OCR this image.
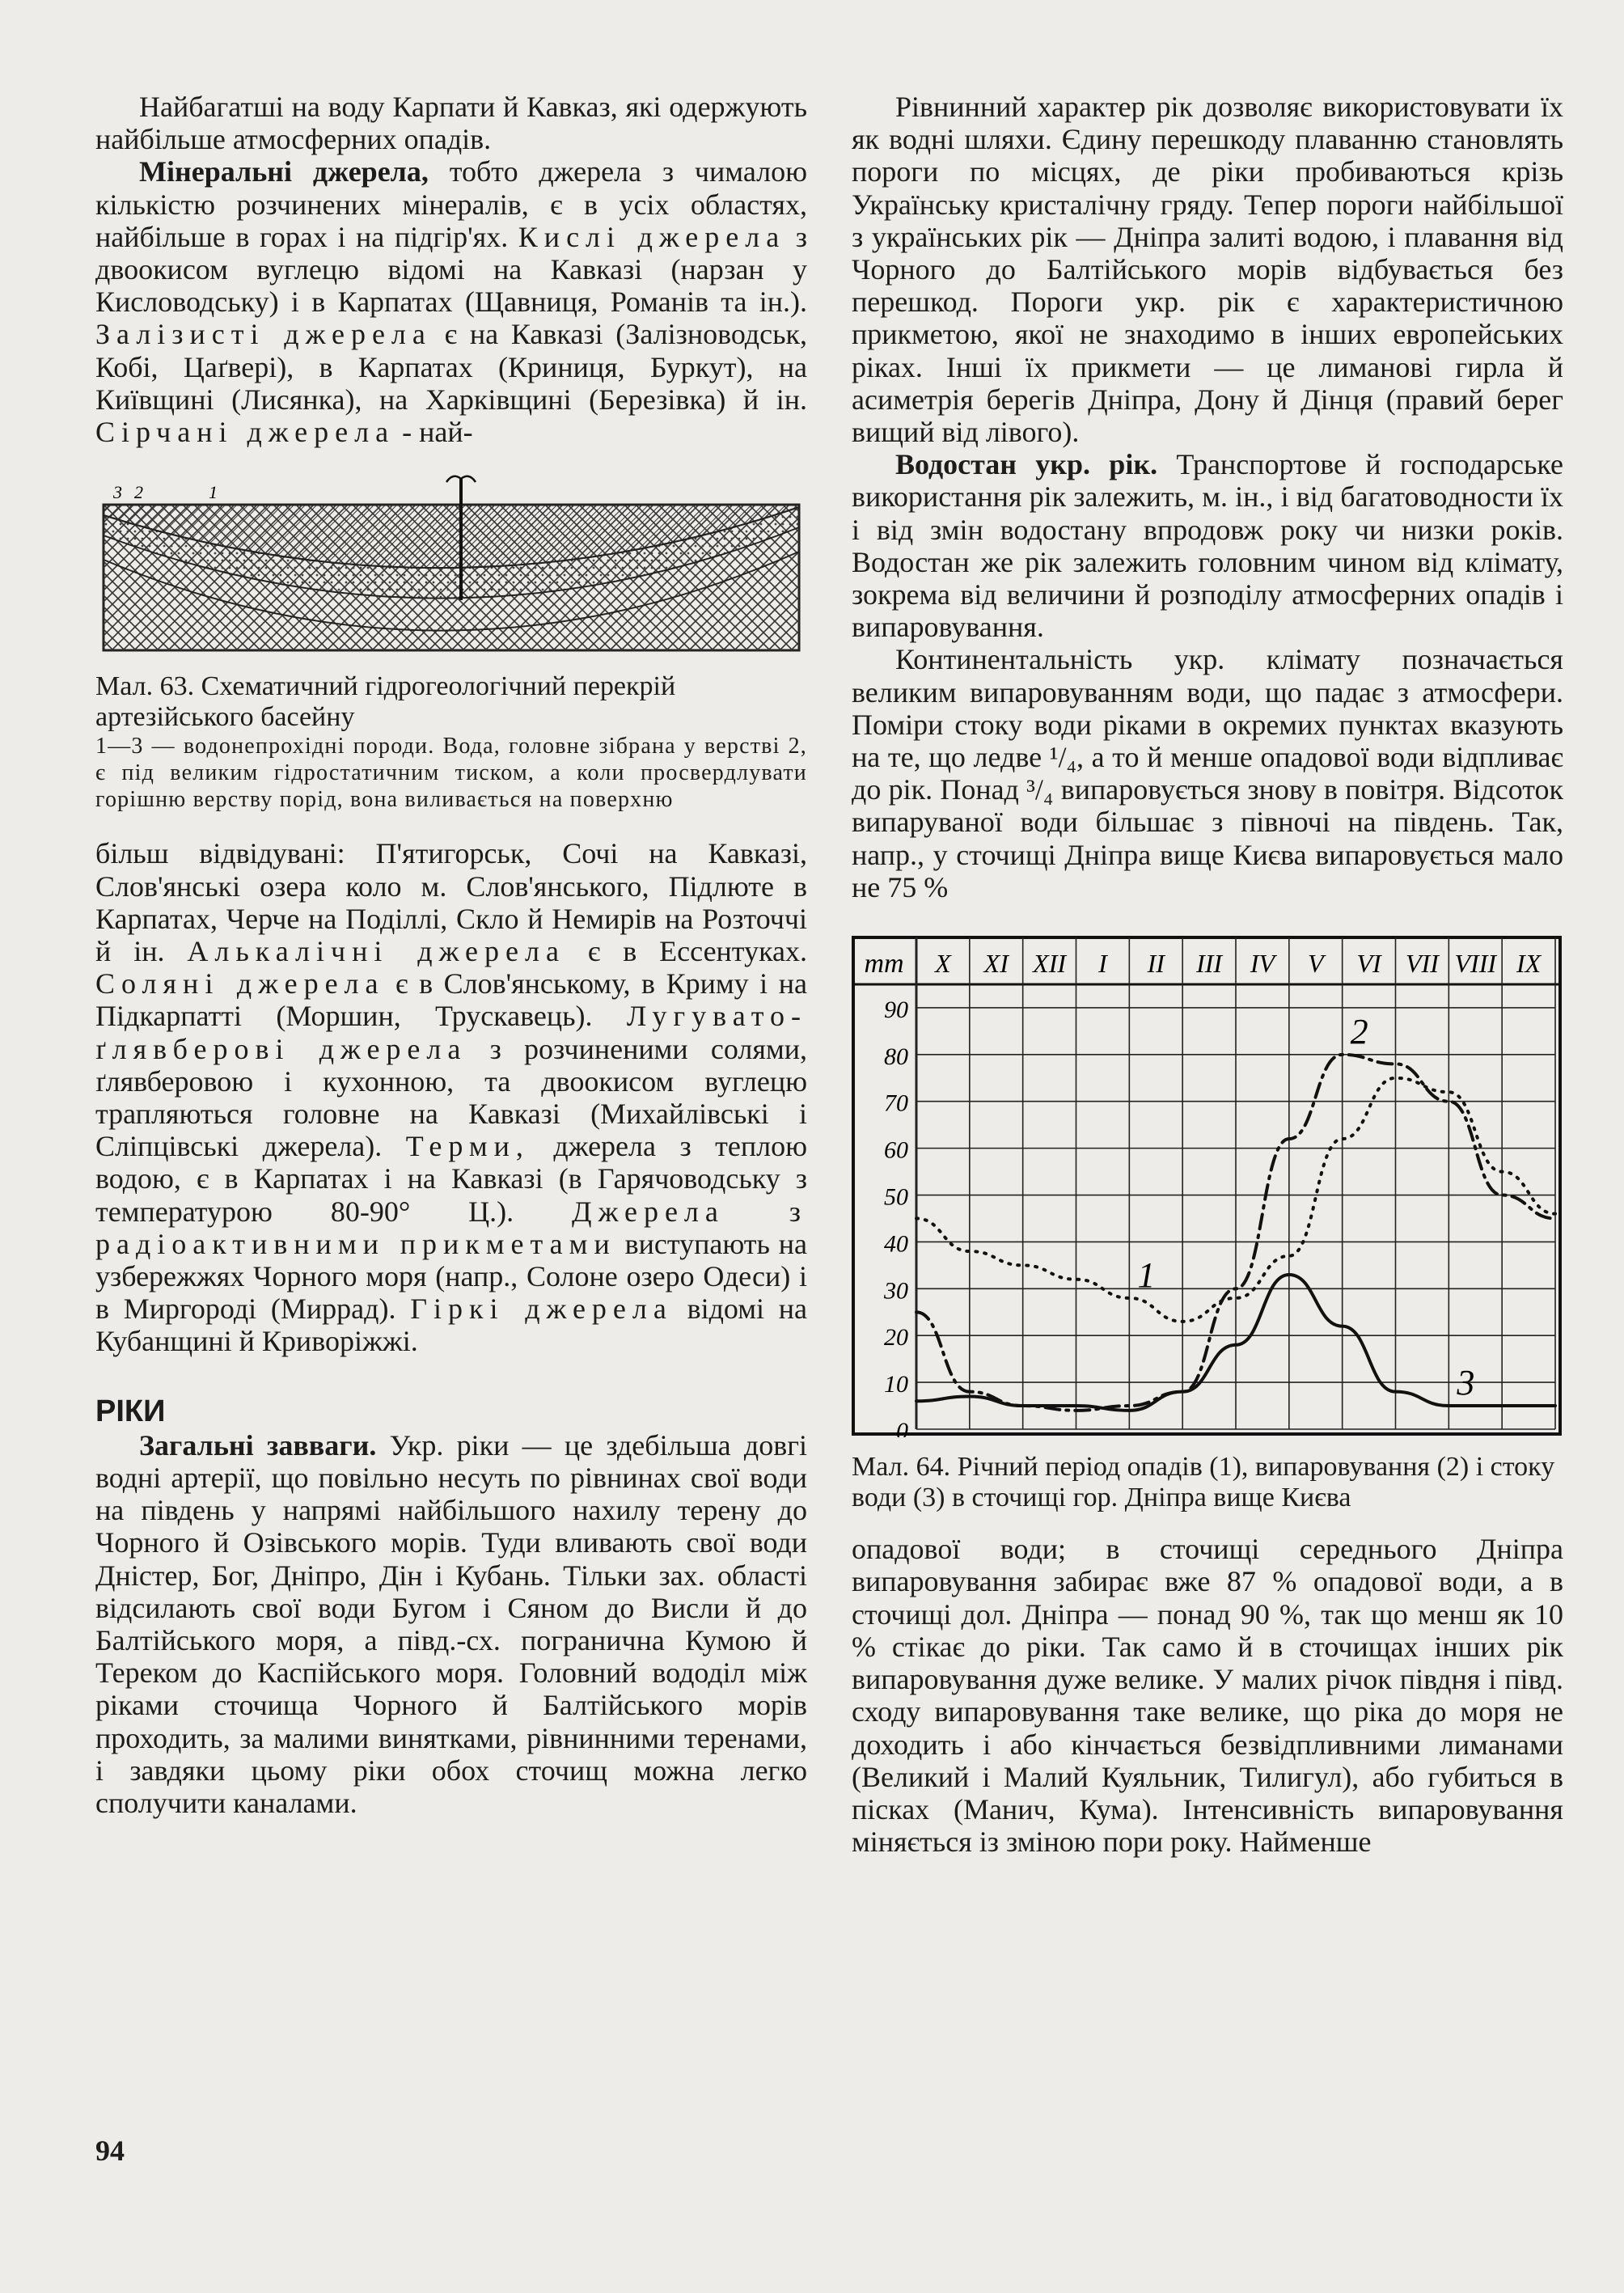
Найбагатші на воду Карпати й Кавказ, які одержують найбільше атмосферних опадів.

Мінеральні джерела, тобто джерела з чималою кількістю розчинених мінералів, є в усіх областях, найбільше в горах і на підгір'ях. Кислі джерела з двоокисом вуглецю відомі на Кавказі (нарзан у Кисловодську) і в Карпатах (Щавниця, Романів та ін.). Залізисті джерела є на Кавказі (Залізноводськ, Кобі, Цаґвері), в Карпатах (Криниця, Буркут), на Київщині (Лисянка), на Харківщині (Березівка) й ін. Сірчані джерела - най-

3 2	1
Мал. 63. Схематичний гідрогеологічний перекрій артезійського басейну
1—3 — водонепрохідні породи. Вода, головне зібрана у верстві 2, є під великим гідростатичним тиском, а коли просвердлувати горішню верству порід, вона виливається на поверхню

більш відвідувані: П'ятигорськ, Сочі на Кавказі, Слов'янські озера коло м. Слов'янського, Підлюте в Карпатах, Черче на Поділлі, Скло й Немирів на Розточчі й ін. Алькалічні джерела є в Ессентуках. Соляні джерела є в Слов'янському, в Криму і на Підкарпатті (Моршин, Трускавець). Лугувато-ґлявберові джерела з розчиненими солями, ґлявберовою і кухонною, та двоокисом вуглецю трапляються головне на Кавказі (Михайлівські і Сліпцівські джерела). Терми, джерела з теплою водою, є в Карпатах і на Кавказі (в Гарячоводську з температурою 80-90° Ц.). Джерела з радіоактивними прикметами виступають на узбережжях Чорного моря (напр., Солоне озеро Одеси) і в Миргороді (Миррад). Гіркі джерела відомі на Кубанщині й Криворіжжі.

РІКИ

Загальні завваги. Укр. ріки — це здебільша довгі водні артерії, що повільно несуть по рівнинах свої води на південь у напрямі найбільшого нахилу терену до Чорного й Озівського морів. Туди вливають свої води Дністер, Бог, Дніпро, Дін і Кубань. Тільки зах. області відсилають свої води Бугом і Сяном до Висли й до Балтійського моря, а півд.-сх. погранична Кумою й Тереком до Каспійського моря. Головний вододіл між ріками сточища Чорного й Балтійського морів проходить, за малими винятками, рівнинними теренами, і завдяки цьому ріки обох сточищ можна легко сполучити каналами.

Рівнинний характер рік дозволяє використовувати їх як водні шляхи. Єдину перешкоду плаванню становлять пороги по місцях, де ріки пробиваються крізь Українську кристалічну гряду. Тепер пороги найбільшої з українських рік — Дніпра залиті водою, і плавання від Чорного до Балтійського морів відбувається без перешкод. Пороги укр. рік є характеристичною прикметою, якої не знаходимо в інших европейських ріках. Інші їх прикмети — це лиманові гирла й асиметрія берегів Дніпра, Дону й Дінця (правий берег вищий від лівого).

Водостан укр. рік. Транспортове й господарське використання рік залежить, м. ін., і від багатоводности їх і від змін водостану впродовж року чи низки років. Водостан же рік залежить головним чином від клімату, зокрема від величини й розподілу атмосферних опадів і випаровування.

Континентальність укр. клімату позначається великим випаровуванням води, що падає з атмосфери. Поміри стоку води ріками в окремих пунктах вказують на те, що ледве ¹/₄, а то й менше опадової води відпливає до рік. Понад ³/₄ випаровується знову в повітря. Відсоток випаруваної води більшає з півночі на південь. Так, напр., у сточищі Дніпра вище Києва випаровується мало не 75 %

0
10
20
30
40
50
60
70
80
90
mm X XI XII I II III IV V VI VII VIII IX
1
2
3
Мал. 64. Річний період опадів (1), випаровування (2) і стоку води (3) в сточищі гор. Дніпра вище Києва

опадової води; в сточищі середнього Дніпра випаровування забирає вже 87 % опадової води, а в сточищі дол. Дніпра — понад 90 %, так що менш як 10 % стікає до ріки. Так само й в сточищах інших рік випаровування дуже велике. У малих річок півдня і півд. сходу випаровування таке велике, що ріка до моря не доходить і або кінчається безвідпливними лиманами (Великий і Малий Куяльник, Тилигул), або губиться в пісках (Манич, Кума). Інтенсивність випаровування міняється із зміною пори року. Найменше

94
